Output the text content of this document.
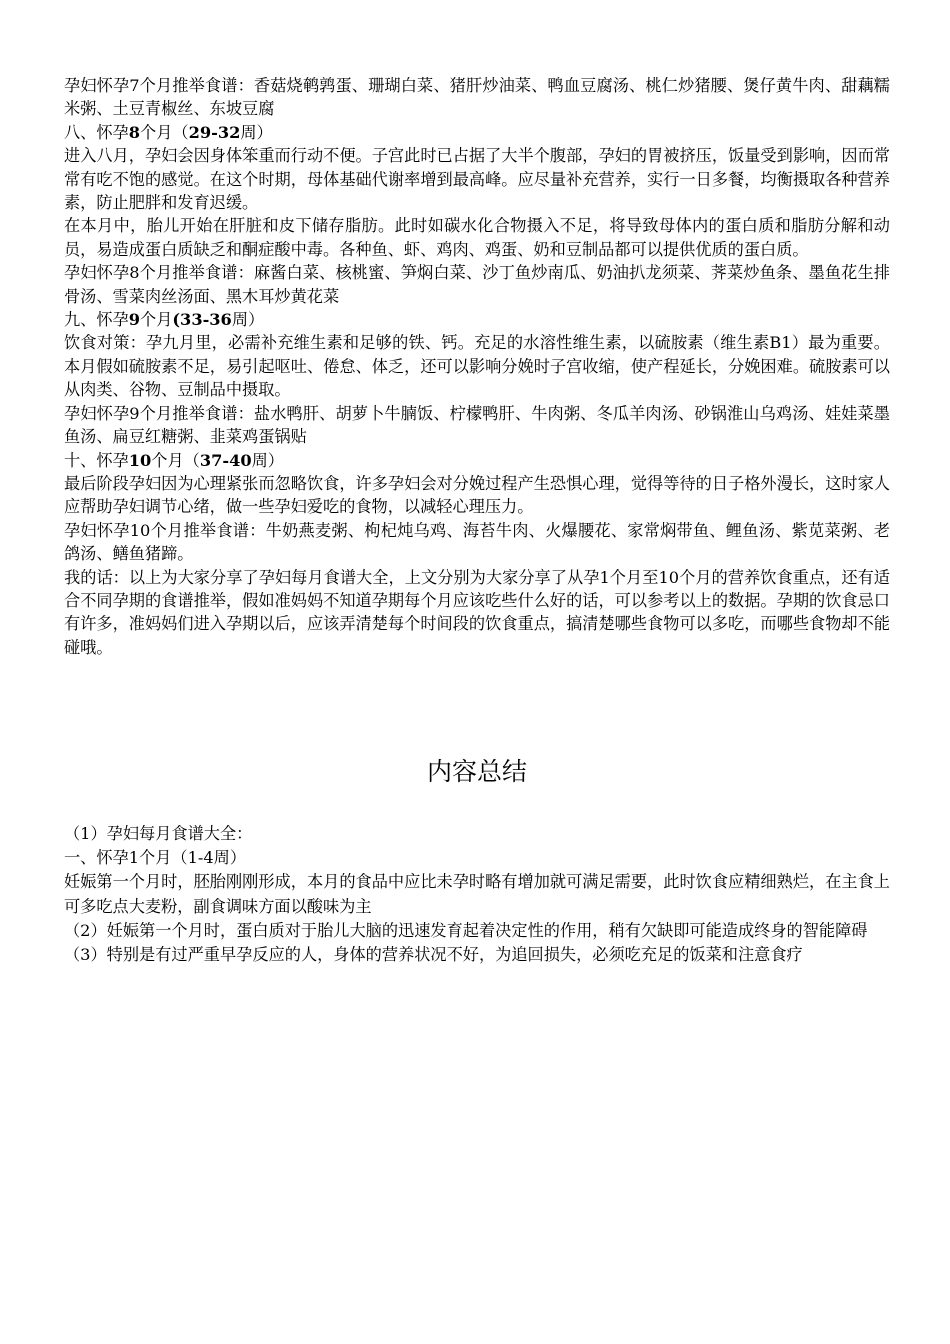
孕妇怀孕7个月推举食谱：香菇烧鹌鹑蛋、珊瑚白菜、猪肝炒油菜、鸭血豆腐汤、桃仁炒猪腰、煲仔黄牛肉、甜藕糯米粥、土豆青椒丝、东坡豆腐

八、怀孕8个月（29-32周）

进入八月，孕妇会因身体笨重而行动不便。子宫此时已占据了大半个腹部，孕妇的胃被挤压，饭量受到影响，因而常常有吃不饱的感觉。在这个时期，母体基础代谢率增到最高峰。应尽量补充营养，实行一日多餐，均衡摄取各种营养素，防止肥胖和发育迟缓。

在本月中，胎儿开始在肝脏和皮下储存脂肪。此时如碳水化合物摄入不足，将导致母体内的蛋白质和脂肪分解和动员，易造成蛋白质缺乏和酮症酸中毒。各种鱼、虾、鸡肉、鸡蛋、奶和豆制品都可以提供优质的蛋白质。

孕妇怀孕8个月推举食谱：麻酱白菜、核桃蜜、笋焖白菜、沙丁鱼炒南瓜、奶油扒龙须菜、荠菜炒鱼条、墨鱼花生排骨汤、雪菜肉丝汤面、黑木耳炒黄花菜

九、怀孕9个月(33-36周）

饮食对策：孕九月里，必需补充维生素和足够的铁、钙。充足的水溶性维生素，以硫胺素（维生素B1）最为重要。本月假如硫胺素不足，易引起呕吐、倦怠、体乏，还可以影响分娩时子宫收缩，使产程延长，分娩困难。硫胺素可以从肉类、谷物、豆制品中摄取。

孕妇怀孕9个月推举食谱：盐水鸭肝、胡萝卜牛腩饭、柠檬鸭肝、牛肉粥、冬瓜羊肉汤、砂锅淮山乌鸡汤、娃娃菜墨鱼汤、扁豆红糖粥、韭菜鸡蛋锅贴

十、怀孕10个月（37-40周）

最后阶段孕妇因为心理紧张而忽略饮食，许多孕妇会对分娩过程产生恐惧心理，觉得等待的日子格外漫长，这时家人应帮助孕妇调节心绪，做一些孕妇爱吃的食物，以减轻心理压力。

孕妇怀孕10个月推举食谱：牛奶燕麦粥、枸杞炖乌鸡、海苔牛肉、火爆腰花、家常焖带鱼、鲤鱼汤、紫苋菜粥、老鸽汤、鳝鱼猪蹄。

我的话：以上为大家分享了孕妇每月食谱大全，上文分别为大家分享了从孕1个月至10个月的营养饮食重点，还有适合不同孕期的食谱推举，假如准妈妈不知道孕期每个月应该吃些什么好的话，可以参考以上的数据。孕期的饮食忌口有许多，准妈妈们进入孕期以后，应该弄清楚每个时间段的饮食重点，搞清楚哪些食物可以多吃，而哪些食物却不能碰哦。

内容总结

（1）孕妇每月食谱大全：

一、怀孕1个月（1-4周）

妊娠第一个月时，胚胎刚刚形成，本月的食品中应比未孕时略有增加就可满足需要，此时饮食应精细熟烂，在主食上可多吃点大麦粉，副食调味方面以酸味为主

（2）妊娠第一个月时，蛋白质对于胎儿大脑的迅速发育起着决定性的作用，稍有欠缺即可能造成终身的智能障碍

（3）特别是有过严重早孕反应的人，身体的营养状况不好，为追回损失，必须吃充足的饭菜和注意食疗
